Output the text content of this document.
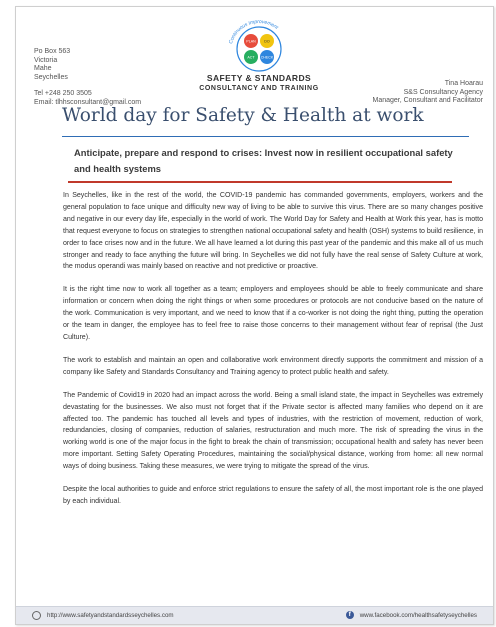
Po Box 563
Victoria
Mahe
Seychelles
Tel +248 250 3505
Email: tlhhsconsultant@gmail.com
Continuous Improvement
PLAN DO
CHECK
ACT
SAFETY & STANDARDS
CONSULTANCY AND TRAINING
Tina Hoarau
S&S Consultancy Agency
Manager, Consultant and Facilitator
World day for Safety & Health at work
Anticipate, prepare and respond to crises: Invest now in resilient occupational safety and health systems

In Seychelles, like in the rest of the world, the COVID-19 pandemic has commanded governments, employers, workers and the general population to face unique and difficulty new way of living to be able to survive this virus. There are so many changes positive and negative in our every day life, especially in the world of work. The World Day for Safety and Health at Work this year, has is motto that request everyone to focus on strategies to strengthen national occupational safety and health (OSH) systems to build resilience, in order to face crises now and in the future. We all have learned a lot during this past year of the pandemic and this make all of us much stronger and ready to face anything the future will bring. In Seychelles we did not fully have the real sense of Safety Culture at work, the modus operandi was mainly based on reactive and not predictive or proactive.

It is the right time now to work all together as a team; employers and employees should be able to freely communicate and share information or concern when doing the right things or when some procedures or protocols are not conducive based on the nature of the work. Communication is very important, and we need to know that if a co-worker is not doing the right thing, putting the operation or the team in danger, the employee has to feel free to raise those concerns to their management without fear of reprisal (the Just Culture).

The work to establish and maintain an open and collaborative work environment directly supports the commitment and mission of a company like Safety and Standards Consultancy and Training agency to protect public health and safety.

The Pandemic of Covid19 in 2020 had an impact across the world. Being a small island state, the impact in Seychelles was extremely devastating for the businesses. We also must not forget that if the Private sector is affected many families who depend on it are affected too. The pandemic has touched all levels and types of industries, with the restriction of movement, reduction of work, redundancies, closing of companies, reduction of salaries, restructuration and much more. The risk of spreading the virus in the working world is one of the major focus in the fight to break the chain of transmission; occupational health and safety has never been more important. Setting Safety Operating Procedures, maintaining the social/physical distance, working from home: all new normal ways of doing business. Taking these measures, we were trying to mitigate the spread of the virus.

Despite the local authorities to guide and enforce strict regulations to ensure the safety of all, the most important role is the one played by each individual.

http://www.safetyandstandardsseychelles.com	f	www.facebook.com/healthsafetyseychelles
